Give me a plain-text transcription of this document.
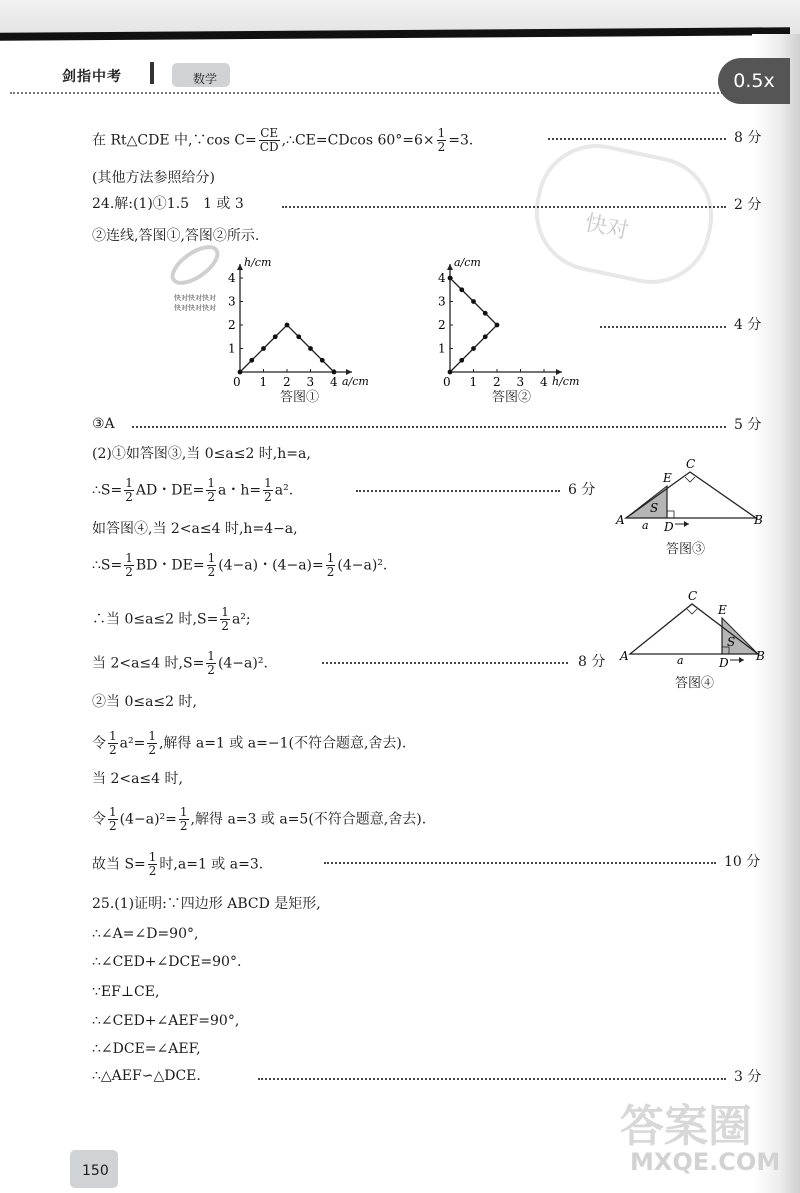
剑指中考	数学	0.5x
快对
在 Rt△CDE 中,∵cos $C= \frac{CE}{CD}$ ,∴CE=CDcos $60^\circ=6\times \frac{1}{2} =3$.	8 分
(其他方法参照给分)
24.解:(1)①1.5　1 或 3	2 分
②连线,答图①,答图②所示.
快对快对快对
快对快对快对
0 1 2 3 4
1
2
3
4
h/cm
a/cm
答图①
0 1 2 3 4
1
2
3
4
a/cm
h/cm
答图②
4 分
③A	5 分
(2)①如答图③,当 0≤a≤2 时,h=a,
∴S= $\frac{1}{2}$ AD・$DE= \frac{1}{2}$ a・$h= \frac{1}{2} a^2$.	6 分
A	B
C
D
E
S
a
答图③
如答图④,当 2<a≤4 时,h=4−a,
∴S= $\frac{1}{2}$ BD・$DE= \frac{1}{2} (4-a)$・$(4-a)= \frac{1}{2} (4-a)^2$.
∴当 0≤a≤2 时$,S= \frac{1}{2} a^2$;
A	B
C
D
E
S
a
答图④
当 2<a≤4 时$,S= \frac{1}{2} (4-a)^2$.	8 分
②当 0≤a≤2 时,
令 $\frac{1}{2} a^2= \frac{1}{2}$ ,解得 a=1 或 a=−1(不符合题意,舍去).
当 2<a≤4 时,
令 $\frac{1}{2} (4-a)^2= \frac{1}{2}$ ,解得 a=3 或 a=5(不符合题意,舍去).
故当 $S= \frac{1}{2}$ 时,a=1 或 a=3.	10 分
25.(1)证明:∵四边形 ABCD 是矩形,
∴∠A=∠D=90°,
∴∠CED+∠DCE=90°.
∵EF⊥CE,
∴∠CED+∠AEF=90°,
∴∠DCE=∠AEF,
∴△AEF∽△DCE.	3 分
150
答案圈
MXQE.COM
